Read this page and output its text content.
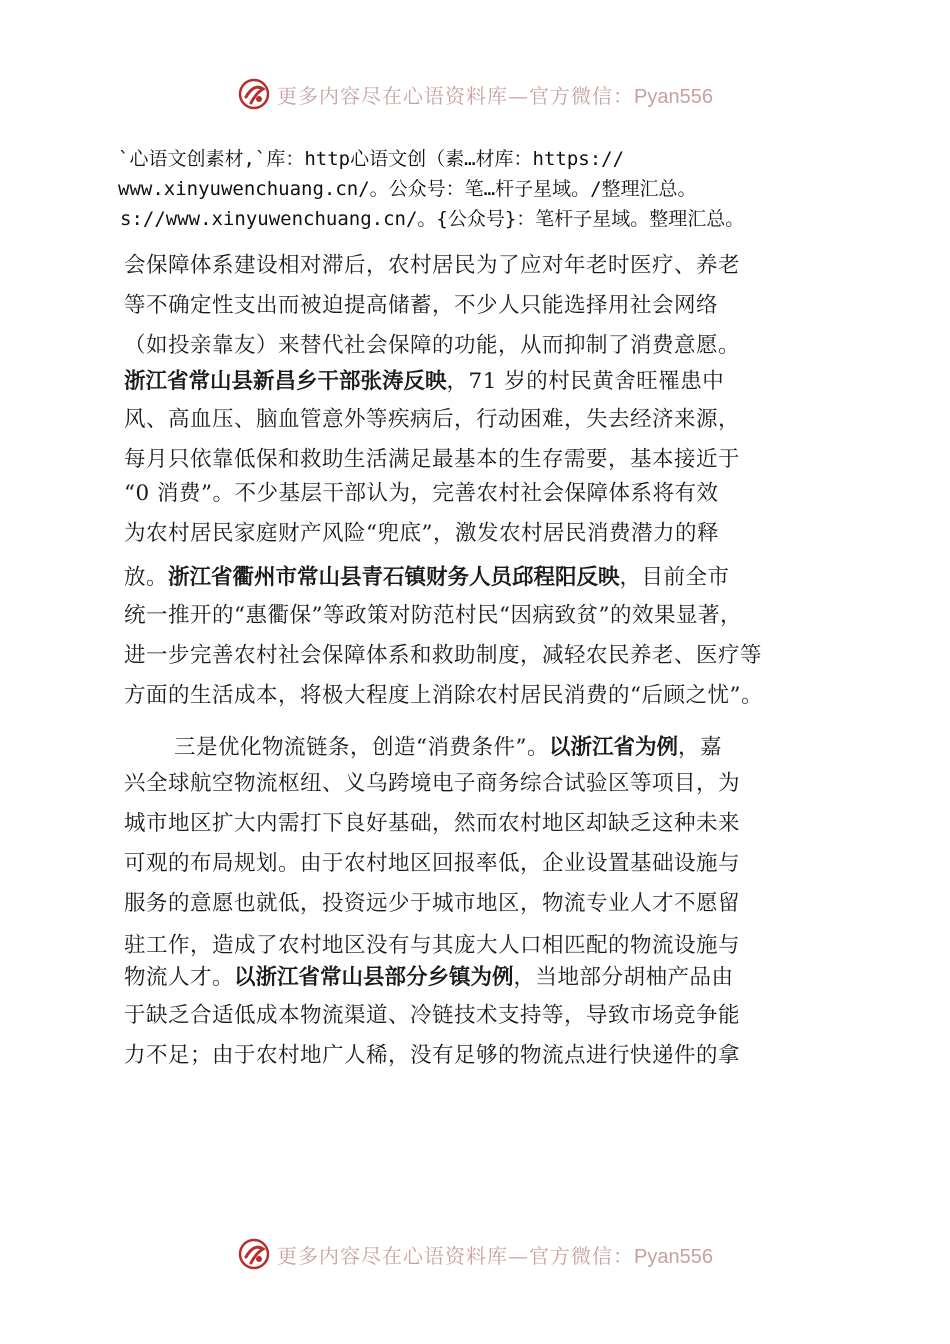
更多内容尽在心语资料库—官方微信：Pyan556
`心语文创素材,`库：http心语文创（素…材库：https://
www.xinyuwenchuang.cn/。公众号：笔…杆子星域。/整理汇总。
s://www.xinyuwenchuang.cn/。{公众号}：笔杆子星域。整理汇总。
会保障体系建设相对滞后，农村居民为了应对年老时医疗、养老
等不确定性支出而被迫提高储蓄，不少人只能选择用社会网络
（如投亲靠友）来替代社会保障的功能，从而抑制了消费意愿。
浙江省常山县新昌乡干部张涛反映，71 岁的村民黄舍旺罹患中
风、高血压、脑血管意外等疾病后，行动困难，失去经济来源，
每月只依靠低保和救助生活满足最基本的生存需要，基本接近于
“0 消费”。不少基层干部认为，完善农村社会保障体系将有效
为农村居民家庭财产风险“兜底”，激发农村居民消费潜力的释
放。浙江省衢州市常山县青石镇财务人员邱程阳反映，目前全市
统一推开的“惠衢保”等政策对防范村民“因病致贫”的效果显著，
进一步完善农村社会保障体系和救助制度，减轻农民养老、医疗等
方面的生活成本，将极大程度上消除农村居民消费的“后顾之忧”。
三是优化物流链条，创造“消费条件”。以浙江省为例，嘉
兴全球航空物流枢纽、义乌跨境电子商务综合试验区等项目，为
城市地区扩大内需打下良好基础，然而农村地区却缺乏这种未来
可观的布局规划。由于农村地区回报率低，企业设置基础设施与
服务的意愿也就低，投资远少于城市地区，物流专业人才不愿留
驻工作，造成了农村地区没有与其庞大人口相匹配的物流设施与
物流人才。以浙江省常山县部分乡镇为例，当地部分胡柚产品由
于缺乏合适低成本物流渠道、冷链技术支持等，导致市场竞争能
力不足；由于农村地广人稀，没有足够的物流点进行快递件的拿
更多内容尽在心语资料库—官方微信：Pyan556
